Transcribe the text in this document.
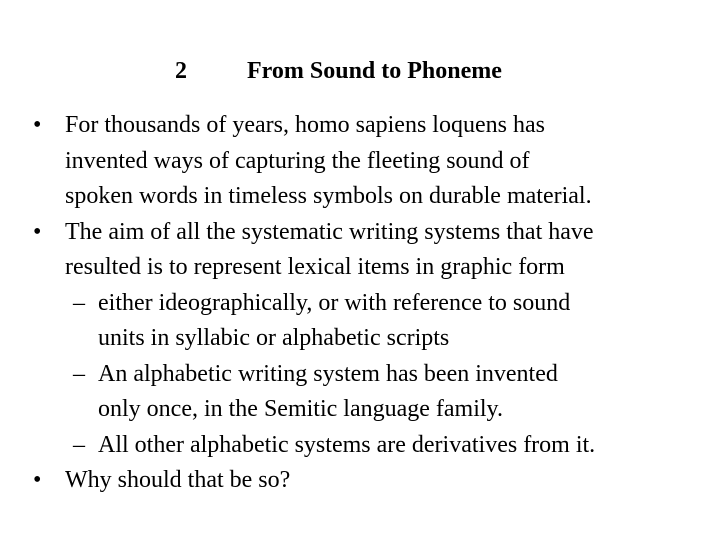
2	From Sound to Phoneme
• For thousands of years, homo sapiens loquens has
invented ways of capturing the fleeting sound of
spoken words in timeless symbols on durable material.
• The aim of all the systematic writing systems that have
resulted is to represent lexical items in graphic form
– either ideographically, or with reference to sound
units in syllabic or alphabetic scripts
– An alphabetic writing system has been invented
only once, in the Semitic language family.
– All other alphabetic systems are derivatives from it.
• Why should that be so?
